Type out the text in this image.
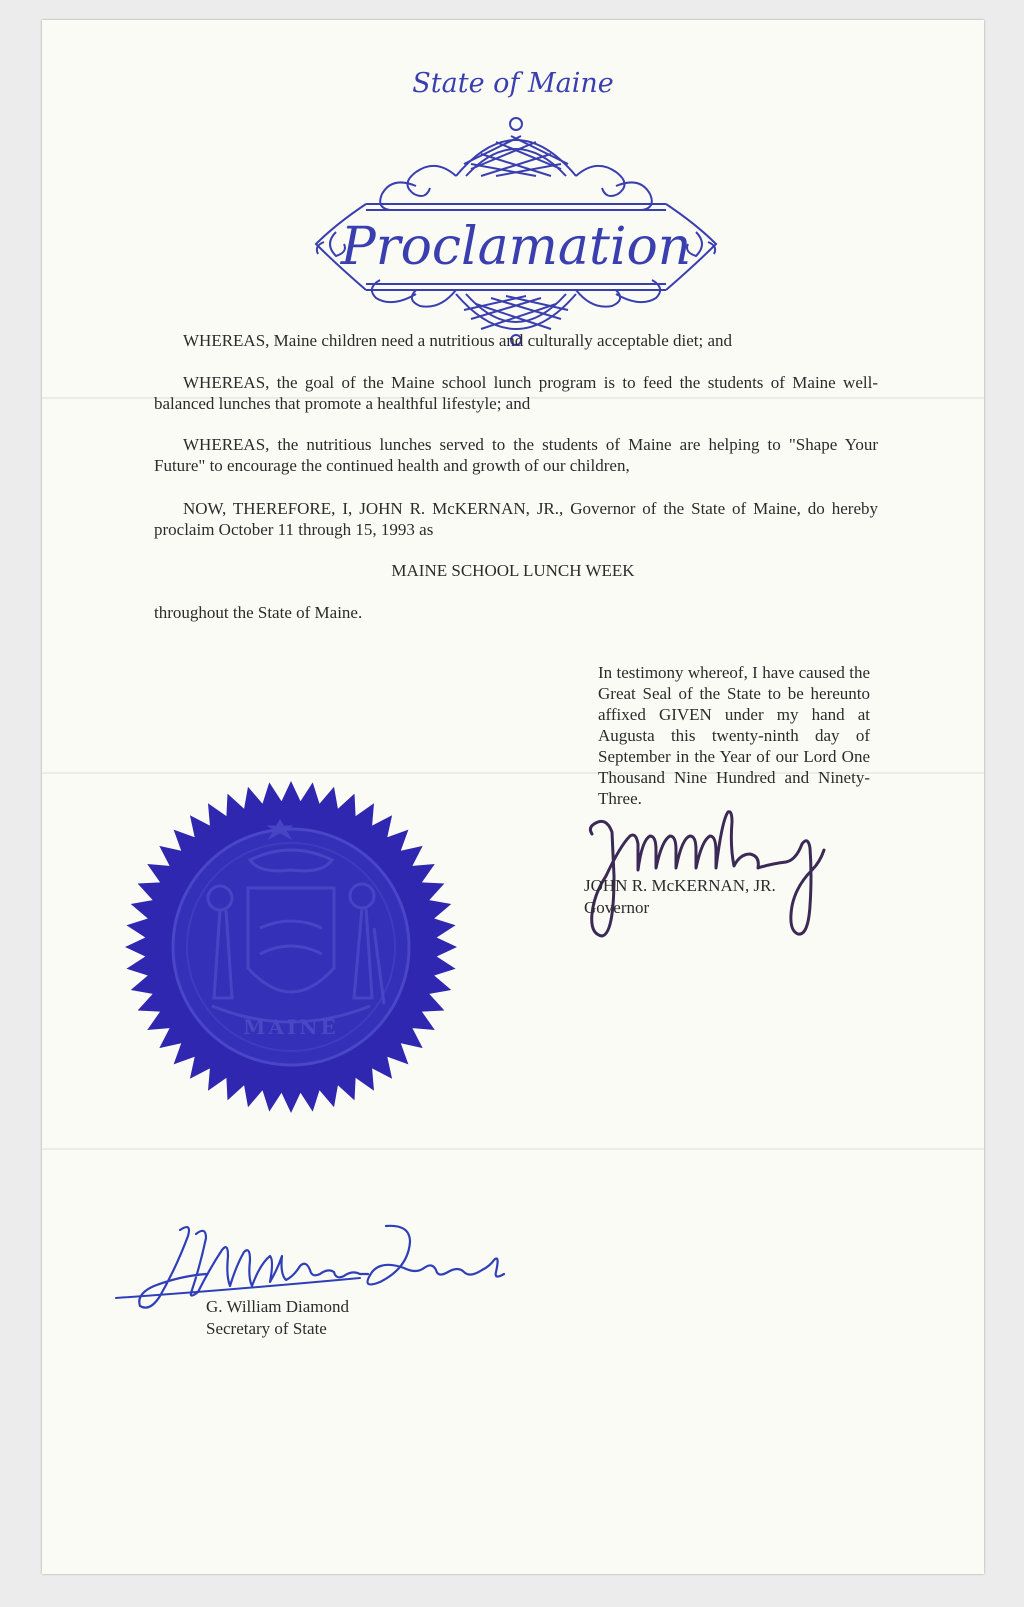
State of Maine
Proclamation
WHEREAS, Maine children need a nutritious and culturally acceptable diet; and
WHEREAS, the goal of the Maine school lunch program is to feed the students of Maine well-balanced lunches that promote a healthful lifestyle; and
WHEREAS, the nutritious lunches served to the students of Maine are helping to "Shape Your Future" to encourage the continued health and growth of our children,
NOW, THEREFORE, I, JOHN R. McKERNAN, JR., Governor of the State of Maine, do hereby proclaim October 11 through 15, 1993 as
MAINE SCHOOL LUNCH WEEK
throughout the State of Maine.
In testimony whereof, I have caused the Great Seal of the State to be hereunto affixed GIVEN under my hand at Augusta this twenty-ninth day of September in the Year of our Lord One Thousand Nine Hundred and Ninety-Three.
JOHN R. McKERNAN, JR.
Governor
MAINE
G. William Diamond
Secretary of State
